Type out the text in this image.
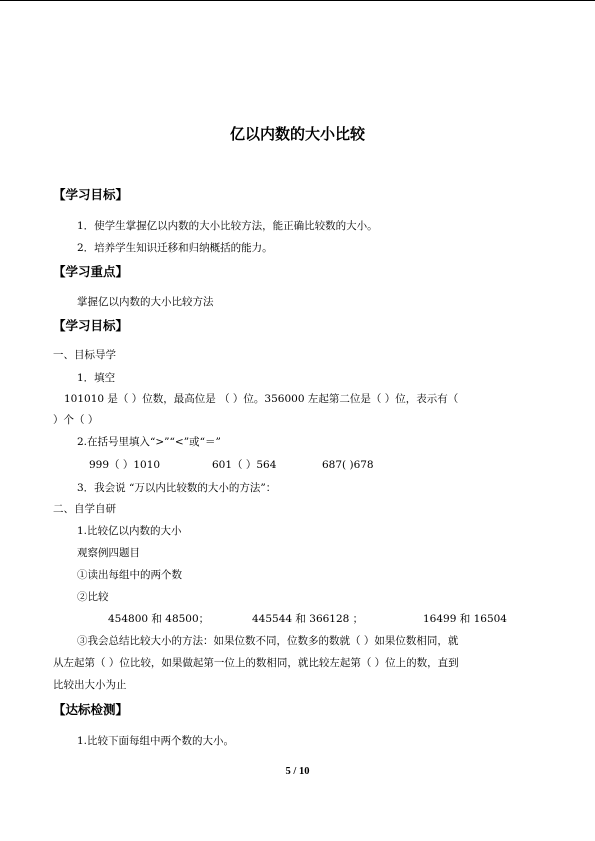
亿以内数的大小比较
【学习目标】
1．使学生掌握亿以内数的大小比较方法，能正确比较数的大小。
2．培养学生知识迁移和归纳概括的能力。
【学习重点】
掌握亿以内数的大小比较方法
【学习目标】
一、目标导学
1．填空
101010 是（ ）位数，最高位是 （ ）位。356000 左起第二位是（ ）位，表示有（
）个（ ）
2.在括号里填入“>”“<”或“＝”
999（ ）1010	601（ ）564	687( )678
3．我会说 “万以内比较数的大小的方法”：
二、自学自研
1.比较亿以内数的大小
观察例四题目
①读出每组中的两个数
②比较
454800 和 48500；	445544 和 366128 ；	16499 和 16504
③我会总结比较大小的方法：如果位数不同，位数多的数就（ ）如果位数相同，就
从左起第（ ）位比较，如果做起第一位上的数相同，就比较左起第（ ）位上的数，直到
比较出大小为止
【达标检测】
1.比较下面每组中两个数的大小。
5 / 10
